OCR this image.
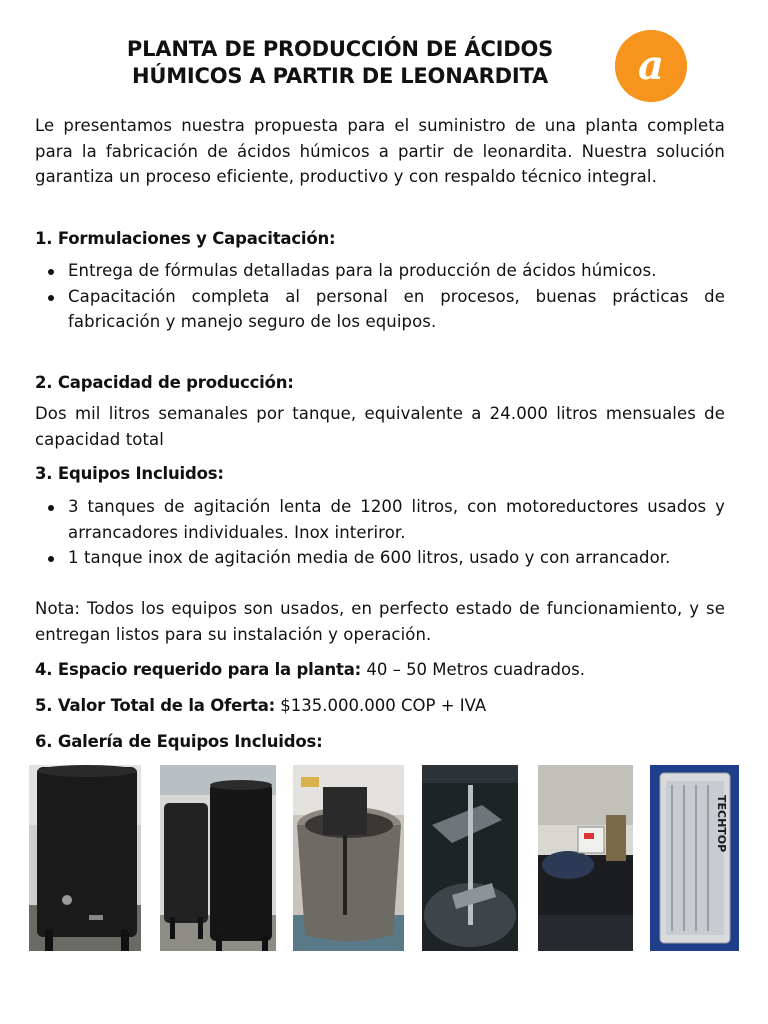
PLANTA DE PRODUCCIÓN DE ÁCIDOS
HÚMICOS A PARTIR DE LEONARDITA	a
Le presentamos nuestra propuesta para el suministro de una planta completa para la fabricación de ácidos húmicos a partir de leonardita. Nuestra solución garantiza un proceso eficiente, productivo y con respaldo técnico integral.
1. Formulaciones y Capacitación:
Entrega de fórmulas detalladas para la producción de ácidos húmicos.
Capacitación completa al personal en procesos, buenas prácticas de fabricación y manejo seguro de los equipos.
2. Capacidad de producción:
Dos mil litros semanales por tanque, equivalente a 24.000 litros mensuales de capacidad total
3. Equipos Incluidos:
3 tanques de agitación lenta de 1200 litros, con motoreductores usados y arrancadores individuales. Inox interiror.
1 tanque inox de agitación media de 600 litros, usado y con arrancador.
Nota: Todos los equipos son usados, en perfecto estado de funcionamiento, y se entregan listos para su instalación y operación.
4. Espacio requerido para la planta: 40 – 50 Metros cuadrados.
5. Valor Total de la Oferta: $135.000.000 COP + IVA
6. Galería de Equipos Incluidos:
TECHTOP
